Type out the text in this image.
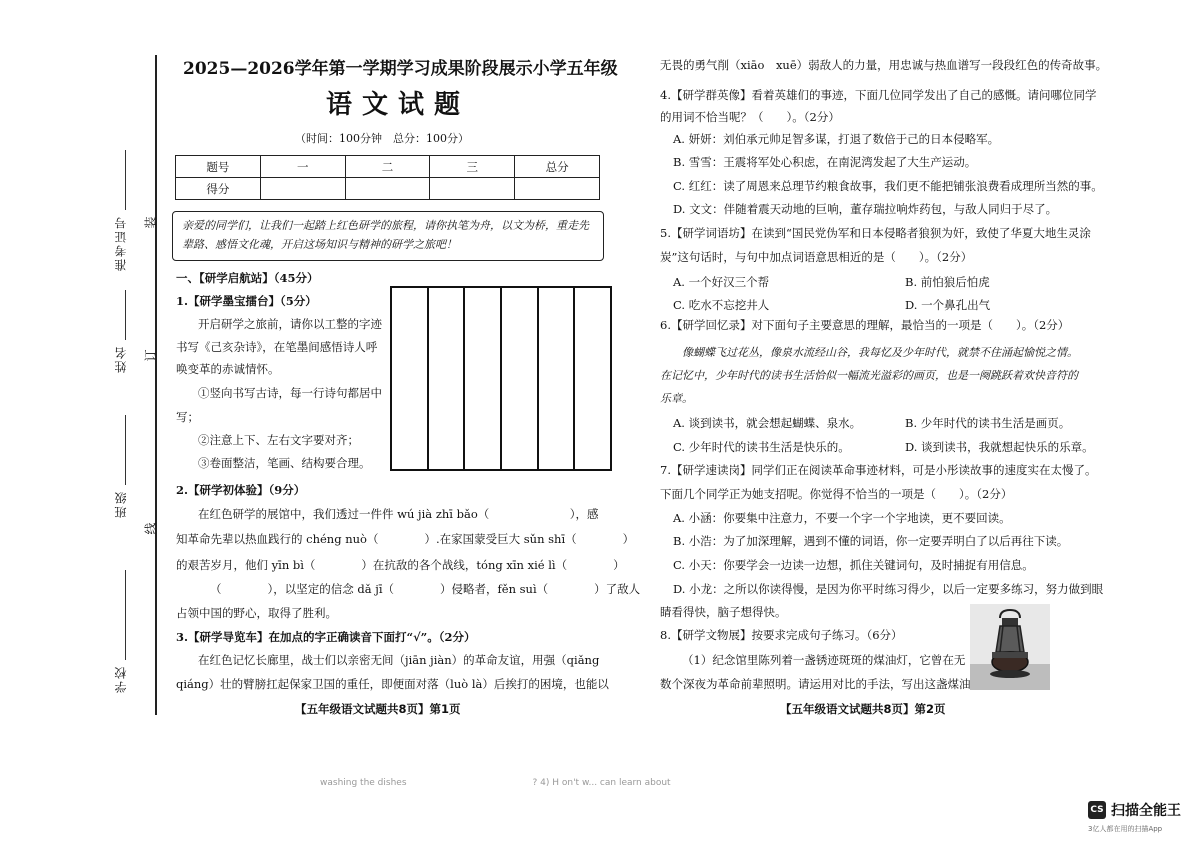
准考证号
姓名
班级
学校
装
订
线
2025—2026学年第一学期学习成果阶段展示小学五年级
语文试题
（时间：100分钟　总分：100分）
题号	一	二	三	总分
得分				
亲爱的同学们，让我们一起踏上红色研学的旅程，请你执笔为舟，以文为桥，重走先辈路、感悟文化魂，开启这场知识与精神的研学之旅吧！
一、【研学启航站】（45分）
1.【研学墨宝擂台】（5分）
开启研学之旅前，请你以工整的字迹
书写《己亥杂诗》，在笔墨间感悟诗人呼
唤变革的赤诚情怀。
①竖向书写古诗，每一行诗句都居中
写；
②注意上下、左右文字要对齐；
③卷面整洁，笔画、结构要合理。
2.【研学初体验】（9分）
在红色研学的展馆中，我们透过一件件 wú jià zhī bǎo（　　　　　　　），感
知革命先辈以热血践行的 chéng nuò（　　　　）.在家国蒙受巨大 sǔn shī（　　　　）
的艰苦岁月，他们 yīn bì（　　　　）在抗敌的各个战线，tóng xīn xié lì（　　　　）
（　　　　），以坚定的信念 dǎ jī（　　　　）侵略者，fěn suì（　　　　）了敌人
占领中国的野心，取得了胜利。
3.【研学导览车】在加点的字正确读音下面打“√”。（2分）
在红色记忆长廊里，战士们以亲密无间（jiān jiàn）的革命友谊，用强（qiǎng
qiáng）壮的臂膀扛起保家卫国的重任，即便面对落（luò là）后挨打的困境，也能以
【五年级语文试题共8页】第1页
无畏的勇气削（xiāo　xuē）弱敌人的力量，用忠诚与热血谱写一段段红色的传奇故事。
4.【研学群英像】看着英雄们的事迹，下面几位同学发出了自己的感慨。请问哪位同学
的用词不恰当呢？（　　）。（2分）
A. 妍妍：刘伯承元帅足智多谋，打退了数倍于己的日本侵略军。
B. 雪雪：王震将军处心积虑，在南泥湾发起了大生产运动。
C. 红红：读了周恩来总理节约粮食故事，我们更不能把铺张浪费看成理所当然的事。
D. 文文：伴随着震天动地的巨响，董存瑞拉响炸药包，与敌人同归于尽了。
5.【研学词语坊】在读到“国民党伪军和日本侵略者狼狈为奸，致使了华夏大地生灵涂
炭”这句话时，与句中加点词语意思相近的是（　　）。（2分）
A. 一个好汉三个帮	B. 前怕狼后怕虎
C. 吃水不忘挖井人	D. 一个鼻孔出气
6.【研学回忆录】对下面句子主要意思的理解，最恰当的一项是（　　）。（2分）
像蝴蝶飞过花丛，像泉水流经山谷，我每忆及少年时代，就禁不住涌起愉悦之情。
在记忆中，少年时代的读书生活恰似一幅流光溢彩的画页，也是一阕跳跃着欢快音符的
乐章。
A. 谈到读书，就会想起蝴蝶、泉水。	B. 少年时代的读书生活是画页。
C. 少年时代的读书生活是快乐的。	D. 谈到读书，我就想起快乐的乐章。
7.【研学速读岗】同学们正在阅读革命事迹材料，可是小彤读故事的速度实在太慢了。
下面几个同学正为她支招呢。你觉得不恰当的一项是（　　）。（2分）
A. 小涵：你要集中注意力，不要一个字一个字地读，更不要回读。
B. 小浩：为了加深理解，遇到不懂的词语，你一定要弄明白了以后再往下读。
C. 小天：你要学会一边读一边想，抓住关键词句，及时捕捉有用信息。
D. 小龙：之所以你读得慢，是因为你平时练习得少，以后一定要多练习，努力做到眼
睛看得快，脑子想得快。
8.【研学文物展】按要求完成句子练习。（6分）
（1）纪念馆里陈列着一盏锈迹斑斑的煤油灯，它曾在无
数个深夜为革命前辈照明。请运用对比的手法，写出这盏煤油
【五年级语文试题共8页】第2页
washing the dishes　　　　　　　　　　　　　　? 4) H on't w... can learn about
CS 扫描全能王
3亿人都在用的扫描App
